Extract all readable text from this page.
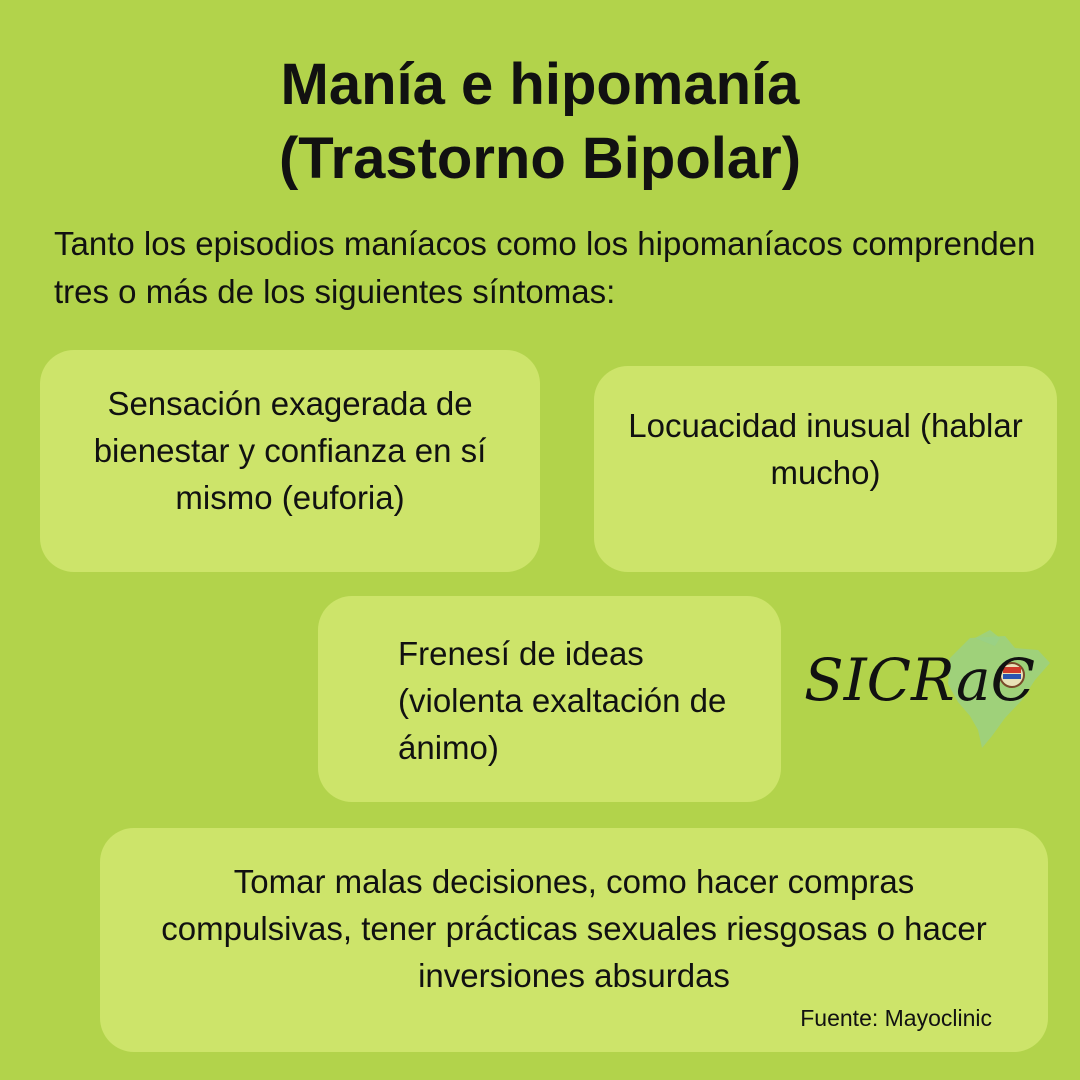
Manía e hipomanía
(Trastorno Bipolar)

Tanto los episodios maníacos como los hipomaníacos comprenden tres o más de los siguientes síntomas:

Sensación exagerada de bienestar y confianza en sí mismo (euforia)
Locuacidad inusual (hablar mucho)
Frenesí de ideas (violenta exaltación de ánimo)
Tomar malas decisiones, como hacer compras compulsivas, tener prácticas sexuales riesgosas o hacer inversiones absurdas
Fuente: Mayoclinic
SICRaC
